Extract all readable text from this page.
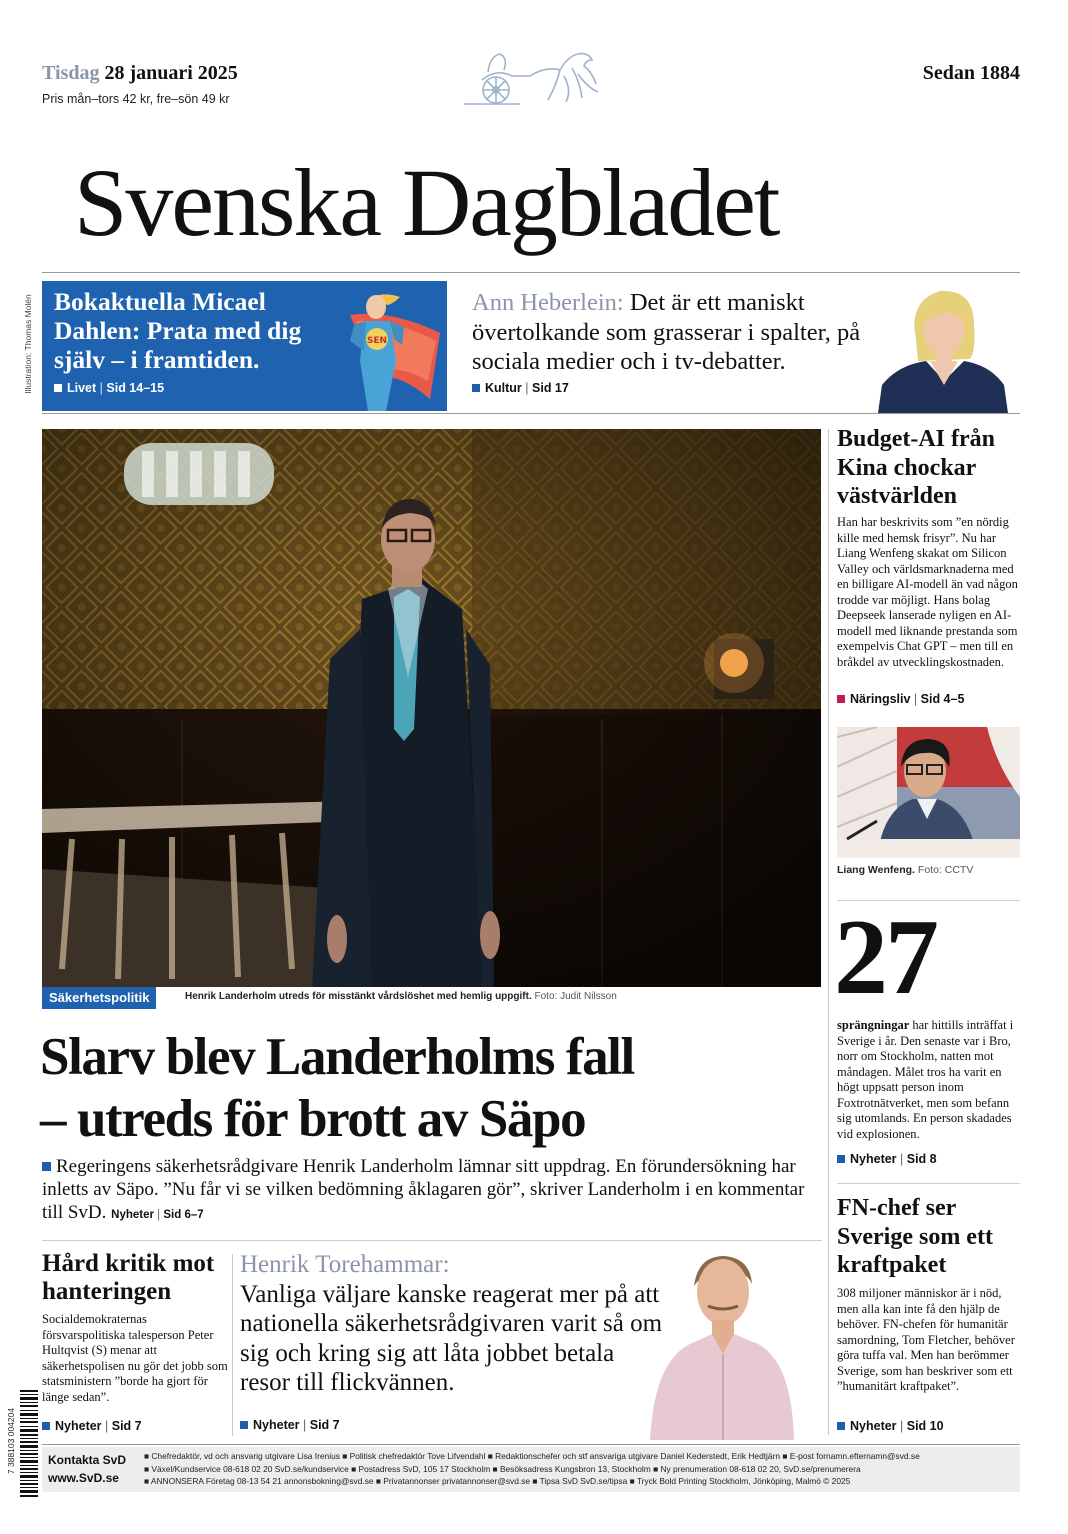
Tisdag 28 januari 2025
Pris mån–tors 42 kr, fre–sön 49 kr
Sedan 1884
Svenska Dagbladet
Illustration: Thomas Molén Bokaktuella Micael Dahlen: Prata med dig själv – i framtiden.
Livet | Sid 14–15
SEN
Ann Heberlein: Det är ett maniskt övertolkande som grasserar i spalter, på sociala medier och i tv-debatter.
Kultur | Sid 17
Säkerhetspolitik	Henrik Landerholm utreds för misstänkt vårdslöshet med hemlig uppgift. Foto: Judit Nilsson
Slarv blev Landerholms fall
– utreds för brott av Säpo
Regeringens säkerhetsrådgivare Henrik Landerholm lämnar sitt uppdrag. En förundersökning har inletts av Säpo. ”Nu får vi se vilken bedömning åklagaren gör”, skriver Landerholm i en kommentar till SvD. Nyheter | Sid 6–7
Hård kritik mot hanteringen
Socialdemokraternas försvarspolitiska talesperson Peter Hultqvist (S) menar att säkerhetspolisen nu gör det jobb som statsministern ”borde ha gjort för länge sedan”.
Nyheter | Sid 7
Henrik Torehammar:
Vanliga väljare kanske reagerat mer på att nationella säkerhetsrådgivaren varit så om sig och kring sig att låta jobbet betala resor till flickvännen.
Nyheter | Sid 7
Budget-AI från Kina chockar västvärlden
Han har beskrivits som ”en nördig kille med hemsk frisyr”. Nu har Liang Wenfeng skakat om Silicon Valley och världsmarknaderna med en billigare AI-modell än vad någon trodde var möjligt. Hans bolag Deepseek lanserade nyligen en AI-modell med liknande prestanda som exempelvis Chat GPT – men till en bråkdel av utvecklingskostnaden.
Näringsliv | Sid 4–5
Liang Wenfeng. Foto: CCTV
27
sprängningar har hittills inträffat i Sverige i år. Den senaste var i Bro, norr om Stockholm, natten mot måndagen. Målet tros ha varit en högt uppsatt person inom Foxtrotnätverket, men som befann sig utomlands. En person skadades vid explosionen.
Nyheter | Sid 8
FN-chef ser Sverige som ett kraftpaket
308 miljoner människor är i nöd, men alla kan inte få den hjälp de behöver. FN-chefen för humanitär samordning, Tom Fletcher, behöver göra tuffa val. Men han berömmer Sverige, som han beskriver som ett ”humanitärt kraftpaket”.
Nyheter | Sid 10
7 388103 004204	Kontakta SvD
www.SvD.se
■ Chefredaktör, vd och ansvarig utgivare Lisa Irenius ■ Politisk chefredaktör Tove Lifvendahl ■ Redaktionschefer och stf ansvariga utgivare Daniel Kederstedt, Erik Hedtjärn ■ E-post fornamn.efternamn@svd.se
■ Växel/Kundservice 08-618 02 20 SvD.se/kundservice ■ Postadress SvD, 105 17 Stockholm ■ Besöksadress Kungsbron 13, Stockholm ■ Ny prenumeration 08-618 02 20, SvD.se/prenumerera
■ ANNONSERA Företag 08-13 54 21 annonsbokning@svd.se ■ Privatannonser privatannonser@svd.se ■ Tipsa SvD SvD.se/tipsa ■ Tryck Bold Printing Stockholm, Jönköping, Malmö © 2025
